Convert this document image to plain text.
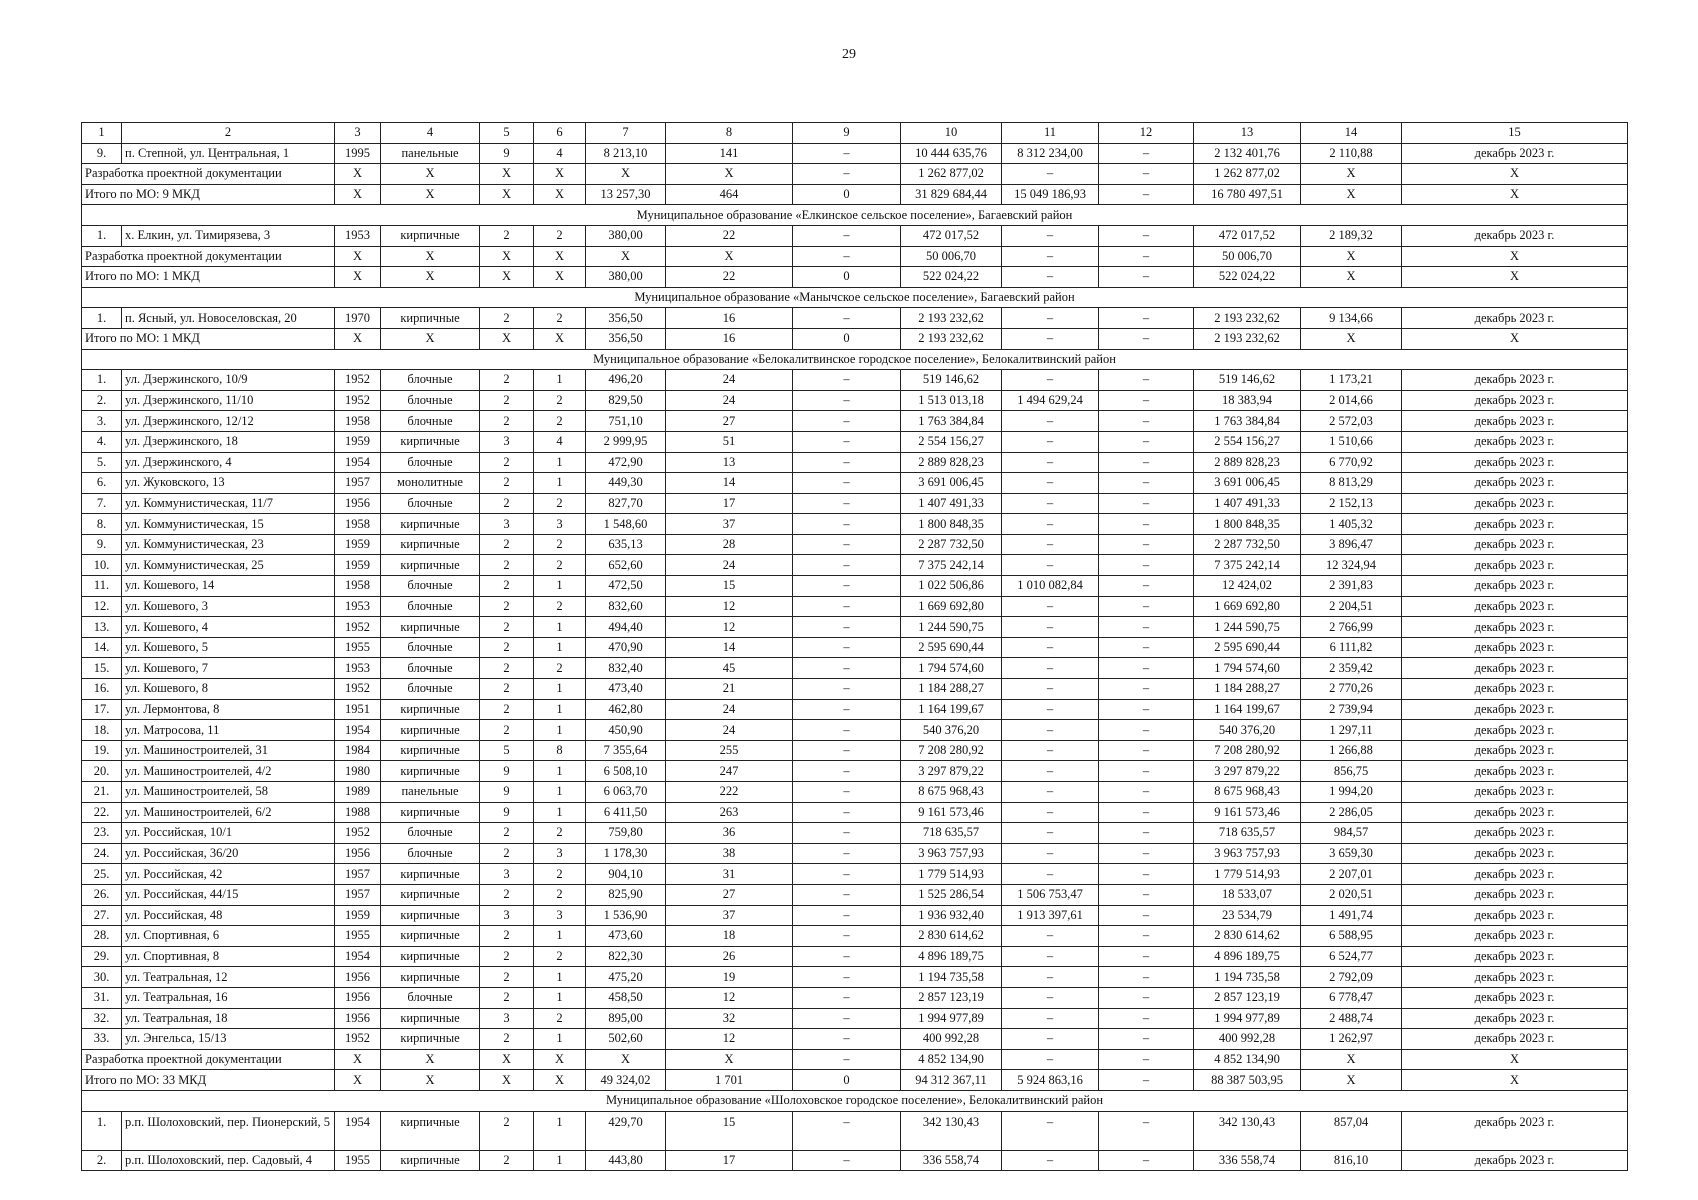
29
1	2	3	4	5	6	7	8	9	10	11	12	13	14	15
9.	п. Степной, ул. Центральная, 1	1995	панельные	9	4	8 213,10	141	–	10 444 635,76	8 312 234,00	–	2 132 401,76	2 110,88	декабрь 2023 г.
Разработка проектной документации		X	X	X	X	X	X	–	1 262 877,02	–	–	1 262 877,02	X	X
Итого по МО: 9 МКД		X	X	X	X	13 257,30	464	0	31 829 684,44	15 049 186,93	–	16 780 497,51	X	X
Муниципальное образование «Елкинское сельское поселение», Багаевский район														
1.	х. Елкин, ул. Тимирязева, 3	1953	кирпичные	2	2	380,00	22	–	472 017,52	–	–	472 017,52	2 189,32	декабрь 2023 г.
Разработка проектной документации		X	X	X	X	X	X	–	50 006,70	–	–	50 006,70	X	X
Итого по МО: 1 МКД		X	X	X	X	380,00	22	0	522 024,22	–	–	522 024,22	X	X
Муниципальное образование «Манычское сельское поселение», Багаевский район														
1.	п. Ясный, ул. Новоселовская, 20	1970	кирпичные	2	2	356,50	16	–	2 193 232,62	–	–	2 193 232,62	9 134,66	декабрь 2023 г.
Итого по МО: 1 МКД		X	X	X	X	356,50	16	0	2 193 232,62	–	–	2 193 232,62	X	X
Муниципальное образование «Белокалитвинское городское поселение», Белокалитвинский район														
1.	ул. Дзержинского, 10/9	1952	блочные	2	1	496,20	24	–	519 146,62	–	–	519 146,62	1 173,21	декабрь 2023 г.
2.	ул. Дзержинского, 11/10	1952	блочные	2	2	829,50	24	–	1 513 013,18	1 494 629,24	–	18 383,94	2 014,66	декабрь 2023 г.
3.	ул. Дзержинского, 12/12	1958	блочные	2	2	751,10	27	–	1 763 384,84	–	–	1 763 384,84	2 572,03	декабрь 2023 г.
4.	ул. Дзержинского, 18	1959	кирпичные	3	4	2 999,95	51	–	2 554 156,27	–	–	2 554 156,27	1 510,66	декабрь 2023 г.
5.	ул. Дзержинского, 4	1954	блочные	2	1	472,90	13	–	2 889 828,23	–	–	2 889 828,23	6 770,92	декабрь 2023 г.
6.	ул. Жуковского, 13	1957	монолитные	2	1	449,30	14	–	3 691 006,45	–	–	3 691 006,45	8 813,29	декабрь 2023 г.
7.	ул. Коммунистическая, 11/7	1956	блочные	2	2	827,70	17	–	1 407 491,33	–	–	1 407 491,33	2 152,13	декабрь 2023 г.
8.	ул. Коммунистическая, 15	1958	кирпичные	3	3	1 548,60	37	–	1 800 848,35	–	–	1 800 848,35	1 405,32	декабрь 2023 г.
9.	ул. Коммунистическая, 23	1959	кирпичные	2	2	635,13	28	–	2 287 732,50	–	–	2 287 732,50	3 896,47	декабрь 2023 г.
10.	ул. Коммунистическая, 25	1959	кирпичные	2	2	652,60	24	–	7 375 242,14	–	–	7 375 242,14	12 324,94	декабрь 2023 г.
11.	ул. Кошевого, 14	1958	блочные	2	1	472,50	15	–	1 022 506,86	1 010 082,84	–	12 424,02	2 391,83	декабрь 2023 г.
12.	ул. Кошевого, 3	1953	блочные	2	2	832,60	12	–	1 669 692,80	–	–	1 669 692,80	2 204,51	декабрь 2023 г.
13.	ул. Кошевого, 4	1952	кирпичные	2	1	494,40	12	–	1 244 590,75	–	–	1 244 590,75	2 766,99	декабрь 2023 г.
14.	ул. Кошевого, 5	1955	блочные	2	1	470,90	14	–	2 595 690,44	–	–	2 595 690,44	6 111,82	декабрь 2023 г.
15.	ул. Кошевого, 7	1953	блочные	2	2	832,40	45	–	1 794 574,60	–	–	1 794 574,60	2 359,42	декабрь 2023 г.
16.	ул. Кошевого, 8	1952	блочные	2	1	473,40	21	–	1 184 288,27	–	–	1 184 288,27	2 770,26	декабрь 2023 г.
17.	ул. Лермонтова, 8	1951	кирпичные	2	1	462,80	24	–	1 164 199,67	–	–	1 164 199,67	2 739,94	декабрь 2023 г.
18.	ул. Матросова, 11	1954	кирпичные	2	1	450,90	24	–	540 376,20	–	–	540 376,20	1 297,11	декабрь 2023 г.
19.	ул. Машиностроителей, 31	1984	кирпичные	5	8	7 355,64	255	–	7 208 280,92	–	–	7 208 280,92	1 266,88	декабрь 2023 г.
20.	ул. Машиностроителей, 4/2	1980	кирпичные	9	1	6 508,10	247	–	3 297 879,22	–	–	3 297 879,22	856,75	декабрь 2023 г.
21.	ул. Машиностроителей, 58	1989	панельные	9	1	6 063,70	222	–	8 675 968,43	–	–	8 675 968,43	1 994,20	декабрь 2023 г.
22.	ул. Машиностроителей, 6/2	1988	кирпичные	9	1	6 411,50	263	–	9 161 573,46	–	–	9 161 573,46	2 286,05	декабрь 2023 г.
23.	ул. Российская, 10/1	1952	блочные	2	2	759,80	36	–	718 635,57	–	–	718 635,57	984,57	декабрь 2023 г.
24.	ул. Российская, 36/20	1956	блочные	2	3	1 178,30	38	–	3 963 757,93	–	–	3 963 757,93	3 659,30	декабрь 2023 г.
25.	ул. Российская, 42	1957	кирпичные	3	2	904,10	31	–	1 779 514,93	–	–	1 779 514,93	2 207,01	декабрь 2023 г.
26.	ул. Российская, 44/15	1957	кирпичные	2	2	825,90	27	–	1 525 286,54	1 506 753,47	–	18 533,07	2 020,51	декабрь 2023 г.
27.	ул. Российская, 48	1959	кирпичные	3	3	1 536,90	37	–	1 936 932,40	1 913 397,61	–	23 534,79	1 491,74	декабрь 2023 г.
28.	ул. Спортивная, 6	1955	кирпичные	2	1	473,60	18	–	2 830 614,62	–	–	2 830 614,62	6 588,95	декабрь 2023 г.
29.	ул. Спортивная, 8	1954	кирпичные	2	2	822,30	26	–	4 896 189,75	–	–	4 896 189,75	6 524,77	декабрь 2023 г.
30.	ул. Театральная, 12	1956	кирпичные	2	1	475,20	19	–	1 194 735,58	–	–	1 194 735,58	2 792,09	декабрь 2023 г.
31.	ул. Театральная, 16	1956	блочные	2	1	458,50	12	–	2 857 123,19	–	–	2 857 123,19	6 778,47	декабрь 2023 г.
32.	ул. Театральная, 18	1956	кирпичные	3	2	895,00	32	–	1 994 977,89	–	–	1 994 977,89	2 488,74	декабрь 2023 г.
33.	ул. Энгельса, 15/13	1952	кирпичные	2	1	502,60	12	–	400 992,28	–	–	400 992,28	1 262,97	декабрь 2023 г.
Разработка проектной документации		X	X	X	X	X	X	–	4 852 134,90	–	–	4 852 134,90	X	X
Итого по МО: 33 МКД		X	X	X	X	49 324,02	1 701	0	94 312 367,11	5 924 863,16	–	88 387 503,95	X	X
Муниципальное образование «Шолоховское городское поселение», Белокалитвинский район														
1.	р.п. Шолоховский, пер. Пионерский, 5	1954	кирпичные	2	1	429,70	15	–	342 130,43	–	–	342 130,43	857,04	декабрь 2023 г.
2.	р.п. Шолоховский, пер. Садовый, 4	1955	кирпичные	2	1	443,80	17	–	336 558,74	–	–	336 558,74	816,10	декабрь 2023 г.
